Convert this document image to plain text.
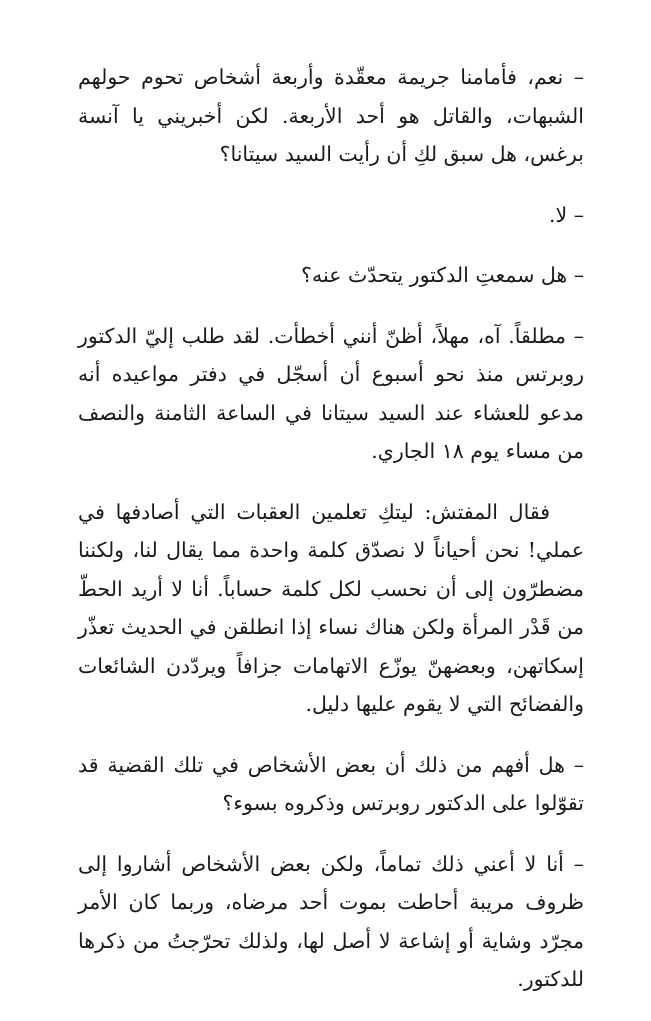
– نعم، فأمامنا جريمة معقّدة وأربعة أشخاص تحوم حولهم الشبهات، والقاتل هو أحد الأربعة. لكن أخبريني يا آنسة برغس، هل سبق لكِ أن رأيت السيد سيتانا؟

– لا.

– هل سمعتِ الدكتور يتحدّث عنه؟

– مطلقاً. آه، مهلاً، أظنّ أنني أخطأت. لقد طلب إليّ الدكتور روبرتس منذ نحو أسبوع أن أسجّل في دفتر مواعيده أنه مدعو للعشاء عند السيد سيتانا في الساعة الثامنة والنصف من مساء يوم ١٨ الجاري.

فقال المفتش: ليتكِ تعلمين العقبات التي أصادفها في عملي! نحن أحياناً لا نصدّق كلمة واحدة مما يقال لنا، ولكننا مضطرّون إلى أن نحسب لكل كلمة حساباً. أنا لا أريد الحطّ من قَدْر المرأة ولكن هناك نساء إذا انطلقن في الحديث تعذّر إسكاتهن، وبعضهنّ يوزّع الاتهامات جزافاً ويردّدن الشائعات والفضائح التي لا يقوم عليها دليل.

– هل أفهم من ذلك أن بعض الأشخاص في تلك القضية قد تقوّلوا على الدكتور روبرتس وذكروه بسوء؟

– أنا لا أعني ذلك تماماً، ولكن بعض الأشخاص أشاروا إلى ظروف مريبة أحاطت بموت أحد مرضاه، وربما كان الأمر مجرّد وشاية أو إشاعة لا أصل لها، ولذلك تحرّجتُ من ذكرها للدكتور.
